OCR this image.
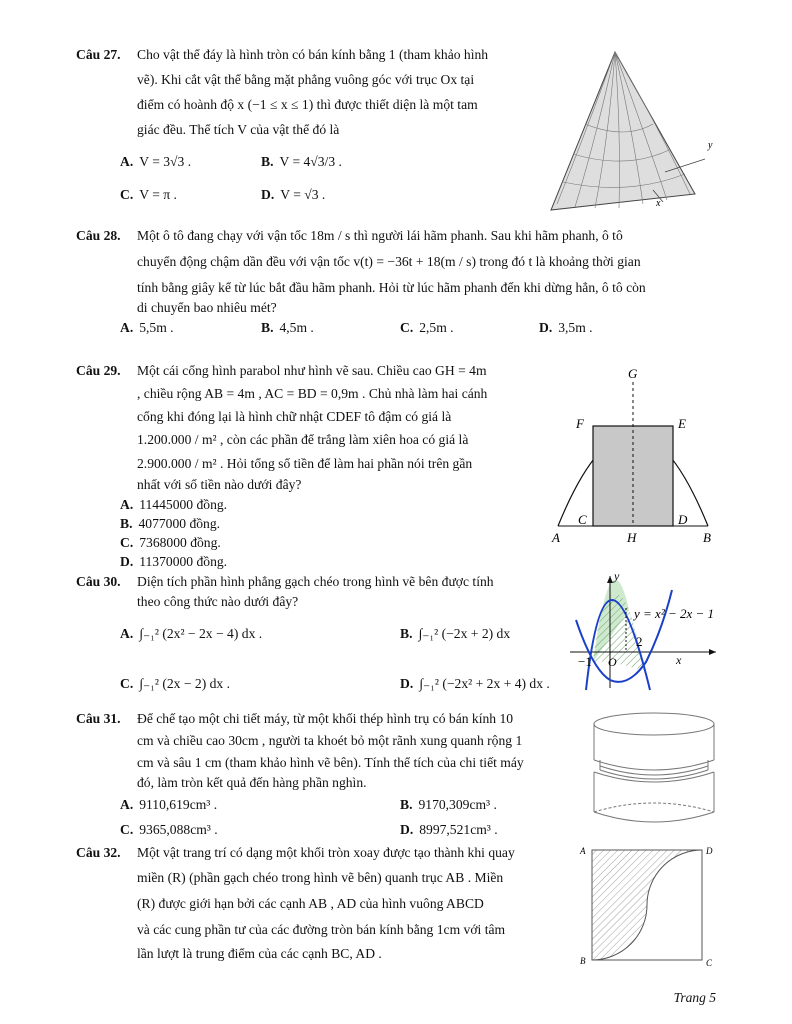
Câu 27. Cho vật thể đáy là hình tròn có bán kính bằng 1 (tham khảo hình
vẽ). Khi cắt vật thể bằng mặt phẳng vuông góc với trục Ox tại
điểm có hoành độ x (−1 ≤ x ≤ 1) thì được thiết diện là một tam
giác đều. Thể tích V của vật thể đó là
A. V = 3√3 .	B. V = 4√3/3 .
C. V = π .	D. V = √3 .
y
x
Câu 28. Một ô tô đang chạy với vận tốc 18m / s thì người lái hãm phanh. Sau khi hãm phanh, ô tô
chuyển động chậm dần đều với vận tốc v(t) = −36t + 18(m / s) trong đó t là khoảng thời gian
tính bằng giây kể từ lúc bắt đầu hãm phanh. Hỏi từ lúc hãm phanh đến khi dừng hẳn, ô tô còn
di chuyển bao nhiêu mét?
A. 5,5m .	B. 4,5m .	C. 2,5m .	D. 3,5m .
Câu 29. Một cái cổng hình parabol như hình vẽ sau. Chiều cao GH = 4m
, chiều rộng AB = 4m , AC = BD = 0,9m . Chủ nhà làm hai cánh
cổng khi đóng lại là hình chữ nhật CDEF tô đậm có giá là
1.200.000 / m² , còn các phần để trắng làm xiên hoa có giá là
2.900.000 / m² . Hỏi tổng số tiền để làm hai phần nói trên gần
nhất với số tiền nào dưới đây?
A. 11445000 đồng.
B. 4077000 đồng.
C. 7368000 đồng.
D. 11370000 đồng.
G
F	E
C	D
A	H	B
Câu 30. Diện tích phần hình phẳng gạch chéo trong hình vẽ bên được tính
theo công thức nào dưới đây?
A. ∫₋₁² (2x² − 2x − 4) dx .	B. ∫₋₁² (−2x + 2) dx
C. ∫₋₁² (2x − 2) dx .	D. ∫₋₁² (−2x² + 2x + 4) dx .
y
x
O
−1
2
y = x² − 2x − 1
Câu 31. Để chế tạo một chi tiết máy, từ một khối thép hình trụ có bán kính 10
cm và chiều cao 30cm , người ta khoét bỏ một rãnh xung quanh rộng 1
cm và sâu 1 cm (tham khảo hình vẽ bên). Tính thể tích của chi tiết máy
đó, làm tròn kết quả đến hàng phần nghìn.
A. 9110,619cm³ .	B. 9170,309cm³ .
C. 9365,088cm³ .	D. 8997,521cm³ .
Câu 32. Một vật trang trí có dạng một khối tròn xoay được tạo thành khi quay
miền (R) (phần gạch chéo trong hình vẽ bên) quanh trục AB . Miền
(R) được giới hạn bởi các cạnh AB , AD của hình vuông ABCD
và các cung phần tư của các đường tròn bán kính bằng 1cm với tâm
lần lượt là trung điểm của các cạnh BC, AD .
A	D
B	C
Trang 5
